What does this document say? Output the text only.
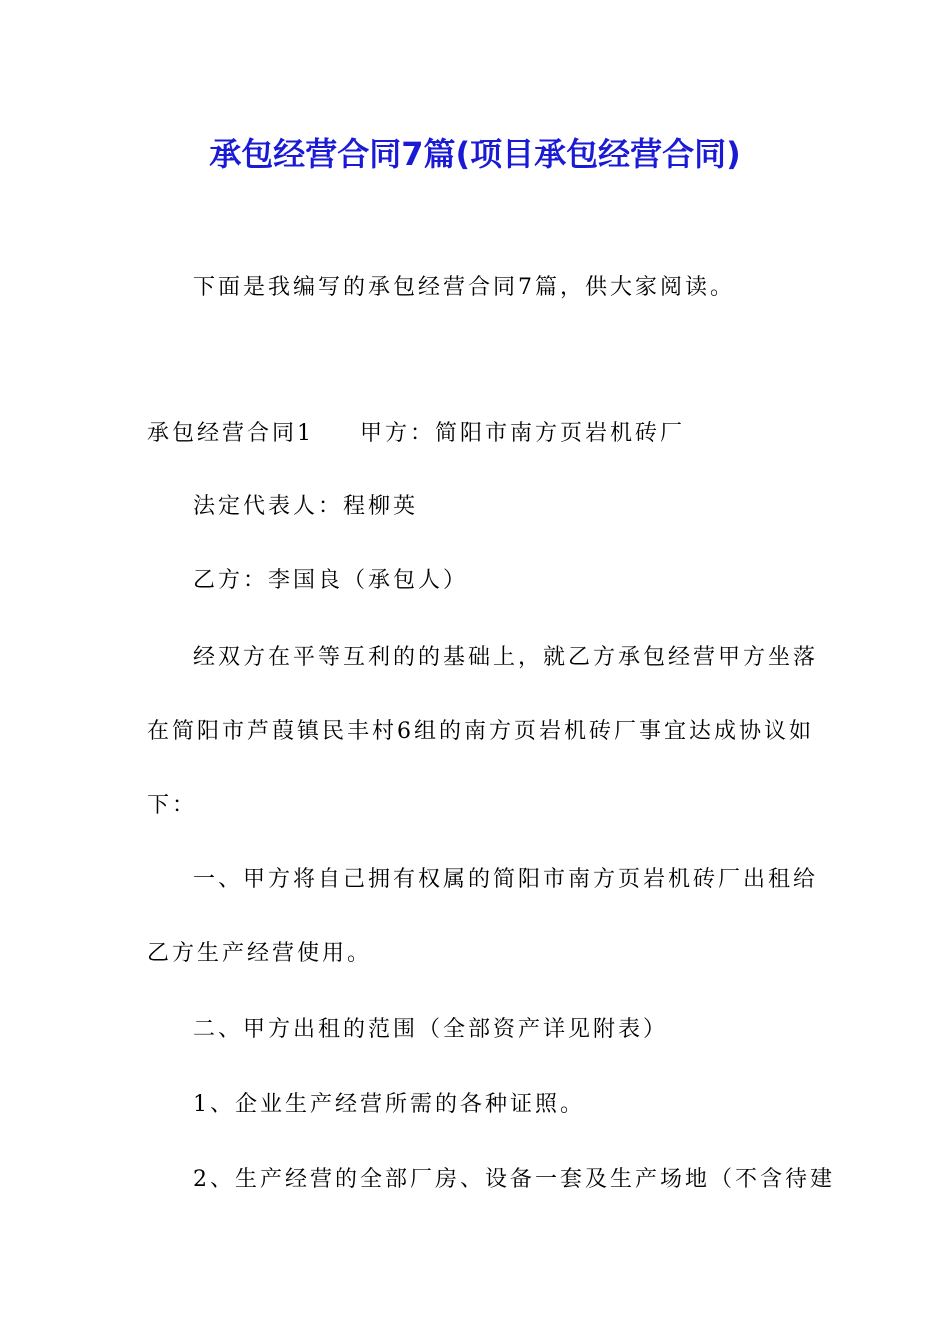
承包经营合同7篇(项目承包经营合同)
下面是我编写的承包经营合同7篇，供大家阅读。
承包经营合同1 甲方：简阳市南方页岩机砖厂
法定代表人：程柳英
乙方：李国良（承包人）
经双方在平等互利的的基础上，就乙方承包经营甲方坐落
在简阳市芦葭镇民丰村6组的南方页岩机砖厂事宜达成协议如
下：
一、甲方将自己拥有权属的简阳市南方页岩机砖厂出租给
乙方生产经营使用。
二、甲方出租的范围（全部资产详见附表）
1、企业生产经营所需的各种证照。
2、生产经营的全部厂房、设备一套及生产场地（不含待建
